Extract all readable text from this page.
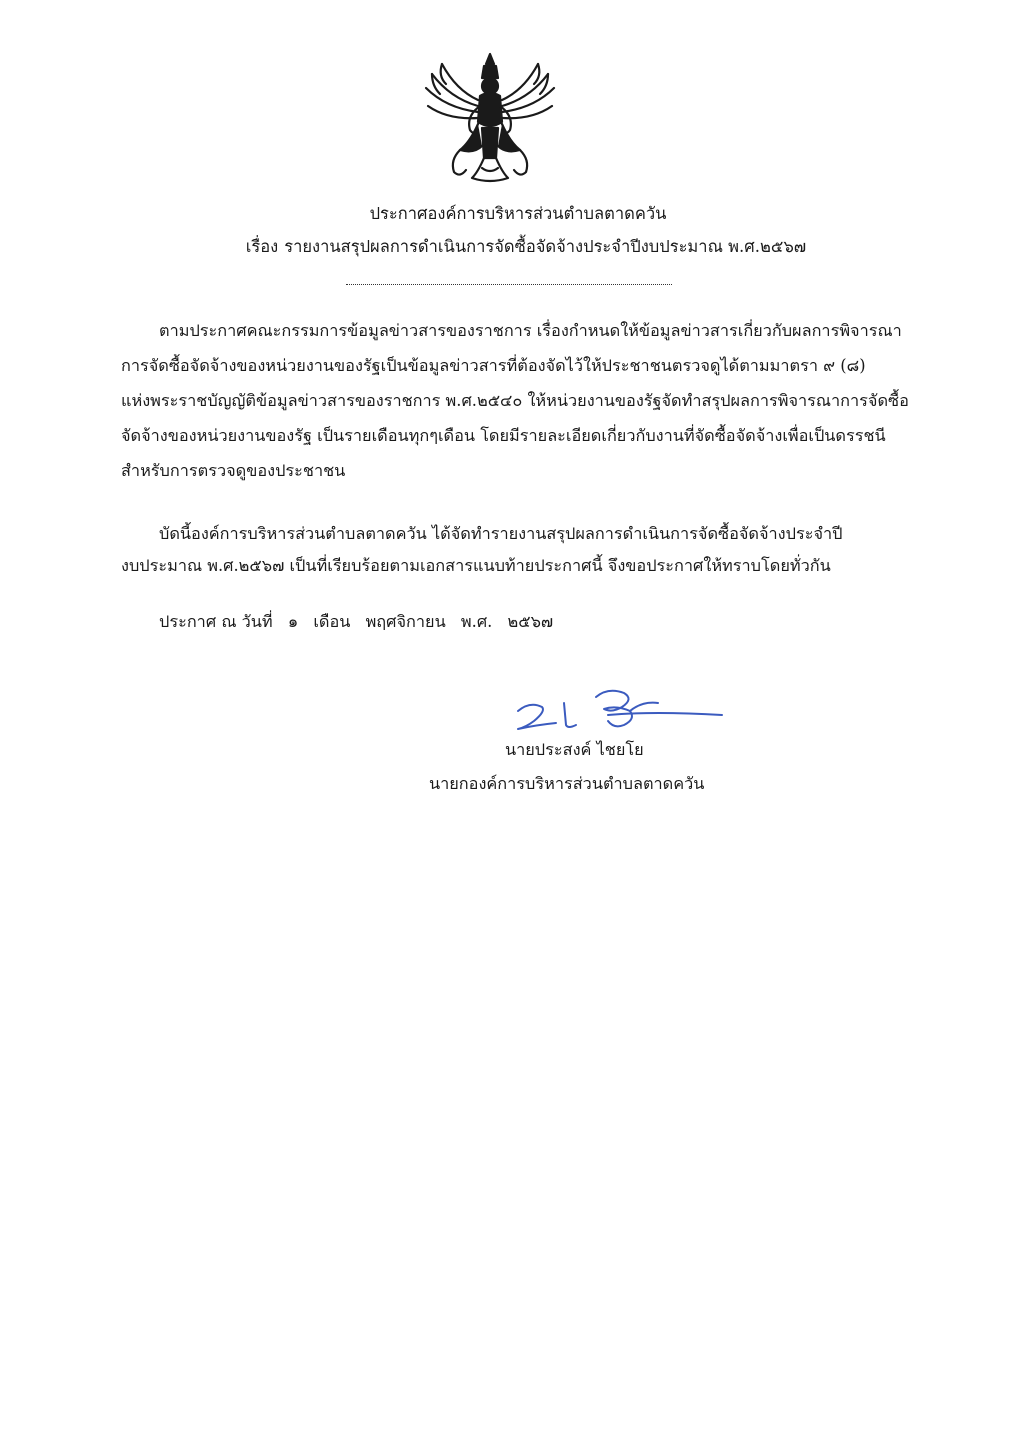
ประกาศองค์การบริหารส่วนตำบลตาดควัน
เรื่อง รายงานสรุปผลการดำเนินการจัดซื้อจัดจ้างประจำปีงบประมาณ พ.ศ.๒๕๖๗
ตามประกาศคณะกรรมการข้อมูลข่าวสารของราชการ เรื่องกำหนดให้ข้อมูลข่าวสารเกี่ยวกับผลการพิจารณา
การจัดซื้อจัดจ้างของหน่วยงานของรัฐเป็นข้อมูลข่าวสารที่ต้องจัดไว้ให้ประชาชนตรวจดูได้ตามมาตรา ๙ (๘)
แห่งพระราชบัญญัติข้อมูลข่าวสารของราชการ พ.ศ.๒๕๔๐ ให้หน่วยงานของรัฐจัดทำสรุปผลการพิจารณาการจัดซื้อ
จัดจ้างของหน่วยงานของรัฐ เป็นรายเดือนทุกๆเดือน โดยมีรายละเอียดเกี่ยวกับงานที่จัดซื้อจัดจ้างเพื่อเป็นดรรชนี
สำหรับการตรวจดูของประชาชน
บัดนี้องค์การบริหารส่วนตำบลตาดควัน ได้จัดทำรายงานสรุปผลการดำเนินการจัดซื้อจัดจ้างประจำปี
งบประมาณ พ.ศ.๒๕๖๗ เป็นที่เรียบร้อยตามเอกสารแนบท้ายประกาศนี้ จึงขอประกาศให้ทราบโดยทั่วกัน
ประกาศ ณ วันที่ ๑ เดือน พฤศจิกายน พ.ศ. ๒๕๖๗
นายประสงค์ ไชยโย
นายกองค์การบริหารส่วนตำบลตาดควัน
